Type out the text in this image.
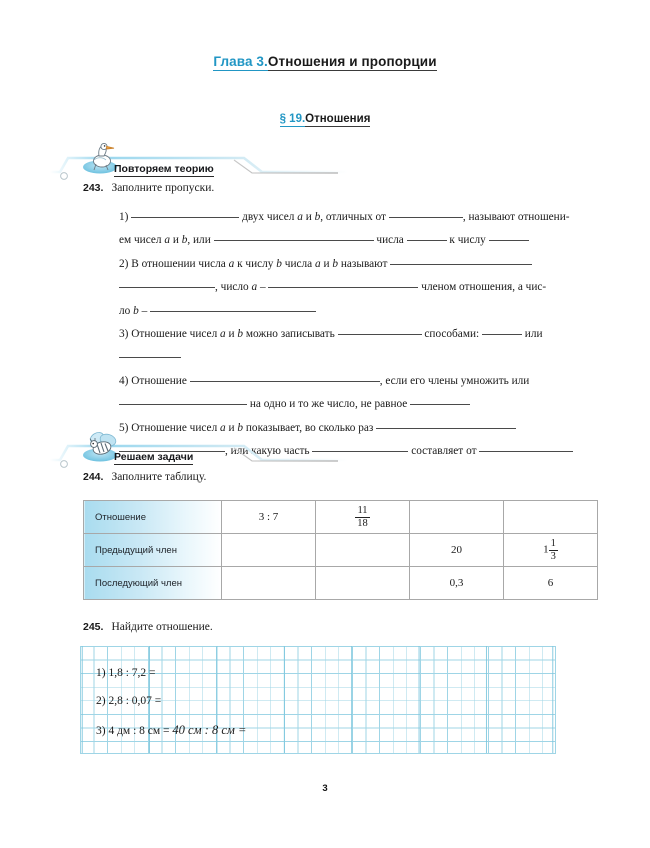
Глава 3.Отношения и пропорции
§ 19.Отношения
Повторяем теорию
243. Заполните пропуски.
1)	двух чисел a и b, отличных от	, называют отношени-
ем чисел a и b, или	числа	к числу
2) В отношении числа a к числу b числа a и b называют
, число a –	членом отношения, а чис-
ло b –
3) Отношение чисел a и b можно записывать	способами:	или
4) Отношение	, если его члены умножить или
на одно и то же число, не равное
5) Отношение чисел a и b показывает, во сколько раз
, или какую часть	составляет от
Решаем задачи
244. Заполните таблицу.
Отношение	3 : 7	$\frac{11}{18}$

Предыдущий член			20	$1 \frac{1}{3}$

Последующий член			0,3	6
245. Найдите отношение.
1) 1,8 : 7,2 =
2) 2,8 : 0,07 =
3) 4 дм : 8 см = 40 см : 8 см =
3
